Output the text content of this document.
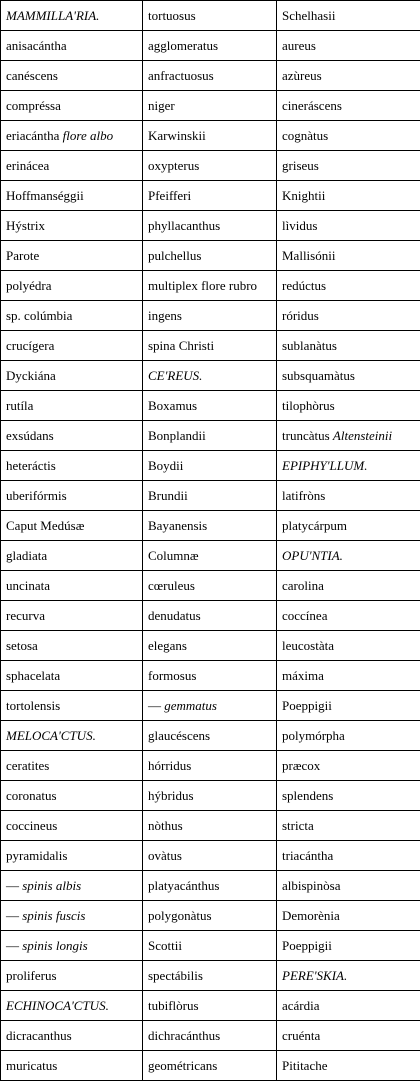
MAMMILLA'RIA.	tortuosus	Schelhasii
anisacántha	agglomeratus	aureus
canéscens	anfractuosus	azùreus
compréssa	niger	cineráscens
eriacántha flore albo	Karwinskii	cognàtus
erinácea	oxypterus	griseus
Hoffmanséggii	Pfeifferi	Knightii
Hýstrix	phyllacanthus	lìvidus
Parote	pulchellus	Mallisónii
polyédra	multiplex flore rubro	redúctus
sp. colúmbia	ingens	róridus
crucígera	spina Christi	sublanàtus
Dyckiána	CE'REUS.	subsquamàtus
rutíla	Boxamus	tilophòrus
exsúdans	Bonplandii	truncàtus Altensteinii
heteráctis	Boydii	EPIPHY'LLUM.
uberifórmis	Brundii	latifròns
Caput Medúsæ	Bayanensis	platycárpum
gladiata	Columnæ	OPU'NTIA.
uncinata	cœruleus	carolina
recurva	denudatus	coccínea
setosa	elegans	leucostàta
sphacelata	formosus	máxima
tortolensis	— gemmatus	Poeppigii
MELOCA'CTUS.	glaucéscens	polymórpha
ceratites	hórridus	præcox
coronatus	hýbridus	splendens
coccineus	nòthus	stricta
pyramidalis	ovàtus	triacántha
— spinis albis	platyacánthus	albispinòsa
— spinis fuscis	polygonàtus	Demorènia
— spinis longis	Scottii	Poeppigii
proliferus	spectábilis	PERE'SKIA.
ECHINOCA'CTUS.	tubiflòrus	acárdia
dicracanthus	dichracánthus	cruénta
muricatus	geométricans	Pititache
